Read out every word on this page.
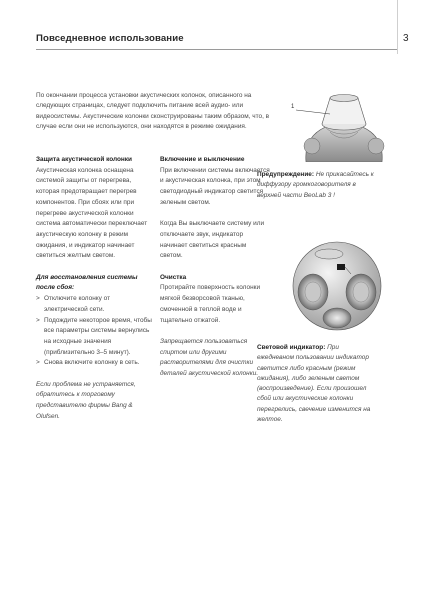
Повседневное использование	3

По окончании процесса установки акустических колонок, описанного на следующих страницах, следует подключить питание всей аудио- или видеосистемы. Акустические колонки сконструированы таким образом, что, в случае если они не используются, они находятся в режиме ожидания.

Защита акустической колонки

Акустическая колонка оснащена системой защиты от перегрева, которая предотвращает перегрев компонентов. При сбоях или при перегреве акустической колонки система автоматически переключает акустическую колонку в режим ожидания, и индикатор начинает светиться желтым светом.

Для восстановления системы после сбоя:

> Отключите колонку от электрической сети.
> Подождите некоторое время, чтобы все параметры системы вернулись на исходные значения (приблизительно 3–5 минут).
> Снова включите колонку в сеть.

Если проблема не устраняется, обратитесь к торговому представителю фирмы Bang & Olufsen.

Включение и выключение

При включении системы включается и акустическая колонка, при этом светодиодный индикатор светится зеленым светом.

Когда Вы выключаете систему или отключаете звук, индикатор начинает светиться красным светом.

Очистка

Протирайте поверхность колонки мягкой безворсовой тканью, смоченной в теплой воде и тщательно отжатой.

Запрещается пользоваться спиртом или другими растворителями для очистки деталей акустической колонки.

1
Предупреждение: Не прикасайтесь к диффузору громкоговорителя в верхней части BeoLab 3 !
Световой индикатор: При ежедневном пользовании индикатор светится либо красным (режим ожидания), либо зеленым светом (воспроизведение). Если произошел сбой или акустические колонки перегрелись, свечение изменится на желтое.
